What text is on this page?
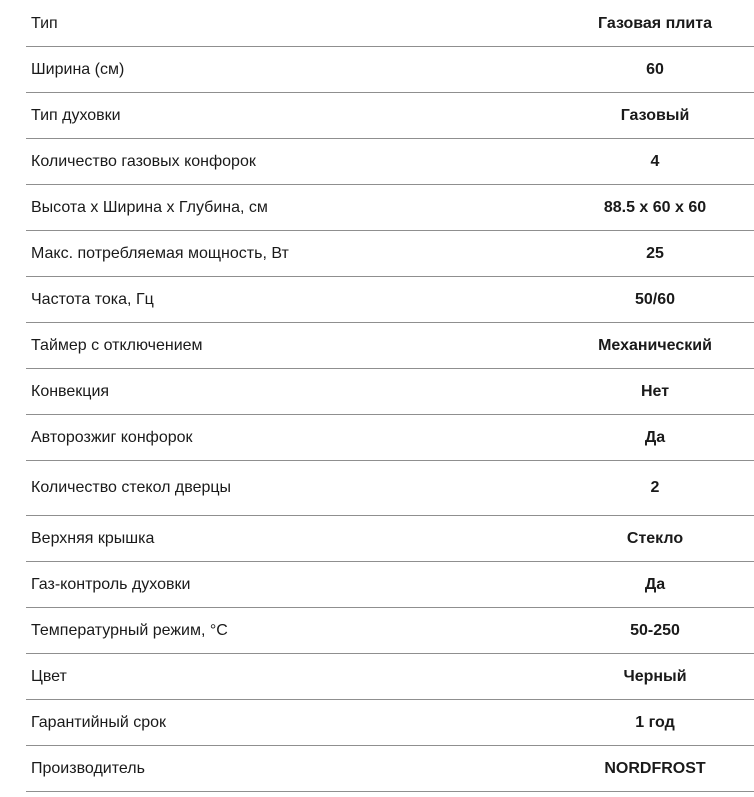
Тип	Газовая плита
Ширина (см)	60
Тип духовки	Газовый
Количество газовых конфорок	4
Высота х Ширина х Глубина, см	88.5 x 60 x 60
Макс. потребляемая мощность, Вт	25
Частота тока, Гц	50/60
Таймер с отключением	Механический
Конвекция	Нет
Авторозжиг конфорок	Да
Количество стекол дверцы	2
Верхняя крышка	Стекло
Газ-контроль духовки	Да
Температурный режим, °C	50-250
Цвет	Черный
Гарантийный срок	1 год
Производитель	NORDFROST
